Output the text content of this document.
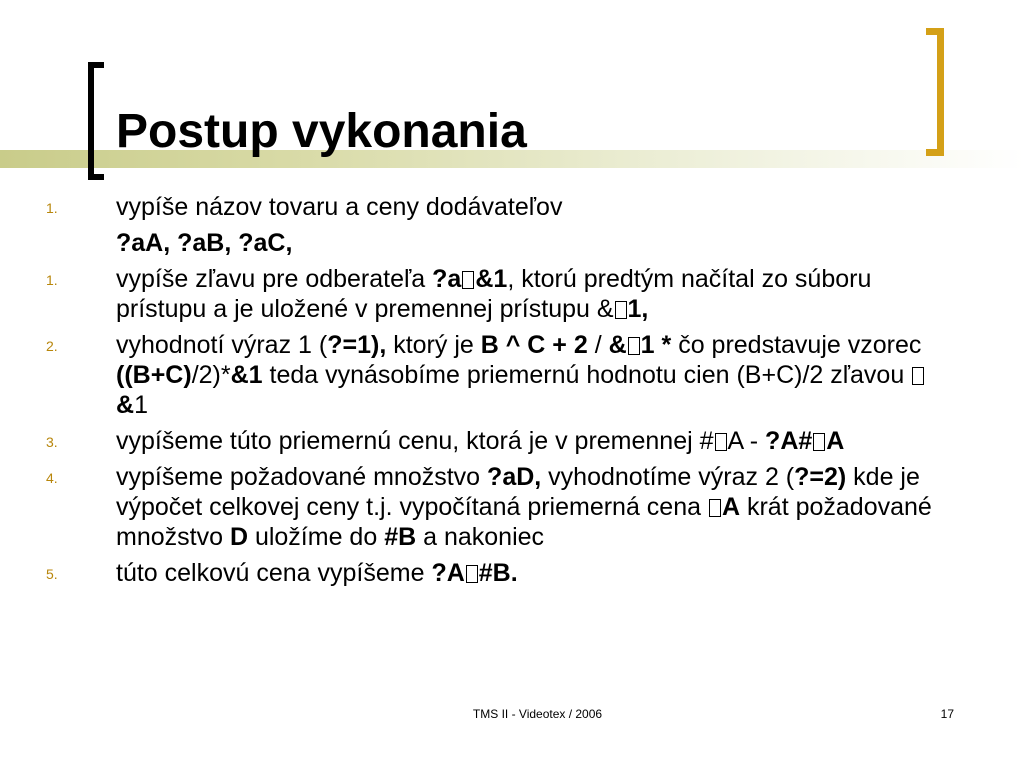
Postup vykonania
1. vypíše názov tovaru a ceny dodávateľov
?aA, ?aB, ?aC,
1. vypíše zľavu pre odberateľa ?a &1, ktorú predtým načítal zo súboru prístupu a je uložené v premennej prístupu & 1,
2. vyhodnotí výraz 1 (?=1), ktorý je B ^ C + 2 / & 1 * čo predstavuje vzorec ((B+C)/2)*&1 teda vynásobíme priemernú hodnotu cien (B+C)/2 zľavou  &1
3. vypíšeme túto priemernú cenu, ktorá je v premennej # A - ?A# A
4. vypíšeme požadované množstvo ?aD, vyhodnotíme výraz 2 (?=2) kde je výpočet celkovej ceny t.j. vypočítaná priemerná cena A krát požadované množstvo D uložíme do #B a nakoniec
5. túto celkovú cena vypíšeme ?A #B.
TMS II - Videotex / 2006	17
